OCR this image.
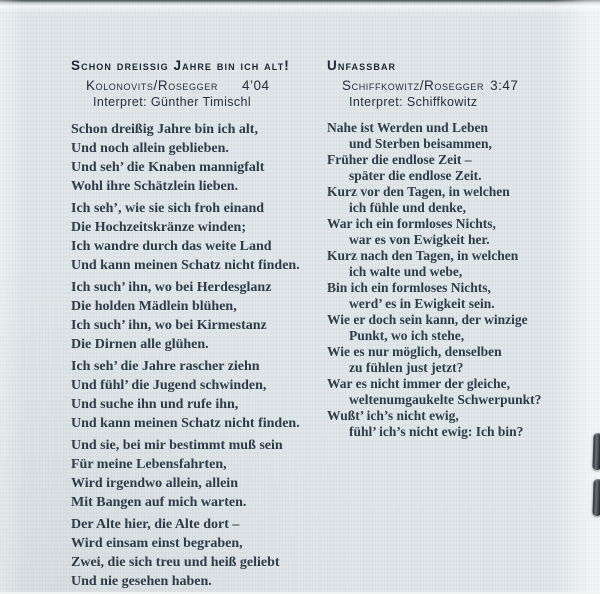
Schon dreissig Jahre bin ich alt!
Kolonovits/Rosegger 4’04
Interpret: Günther Timischl
Schon dreißig Jahre bin ich alt,
Und noch allein geblieben.
Und seh’ die Knaben mannigfalt
Wohl ihre Schätzlein lieben.
Ich seh’, wie sie sich froh einand
Die Hochzeitskränze winden;
Ich wandre durch das weite Land
Und kann meinen Schatz nicht finden.
Ich such’ ihn, wo bei Herdesglanz
Die holden Mädlein blühen,
Ich such’ ihn, wo bei Kirmestanz
Die Dirnen alle glühen.
Ich seh’ die Jahre rascher ziehn
Und fühl’ die Jugend schwinden,
Und suche ihn und rufe ihn,
Und kann meinen Schatz nicht finden.
Und sie, bei mir bestimmt muß sein
Für meine Lebensfahrten,
Wird irgendwo allein, allein
Mit Bangen auf mich warten.
Der Alte hier, die Alte dort –
Wird einsam einst begraben,
Zwei, die sich treu und heiß geliebt
Und nie gesehen haben.
Unfassbar
Schiffkowitz/Rosegger 3:47
Interpret: Schiffkowitz
Nahe ist Werden und Leben
und Sterben beisammen,
Früher die endlose Zeit –
später die endlose Zeit.
Kurz vor den Tagen, in welchen
ich fühle und denke,
War ich ein formloses Nichts,
war es von Ewigkeit her.
Kurz nach den Tagen, in welchen
ich walte und webe,
Bin ich ein formloses Nichts,
werd’ es in Ewigkeit sein.
Wie er doch sein kann, der winzige
Punkt, wo ich stehe,
Wie es nur möglich, denselben
zu fühlen just jetzt?
War es nicht immer der gleiche,
weltenumgaukelte Schwerpunkt?
Wußt’ ich’s nicht ewig,
fühl’ ich’s nicht ewig: Ich bin?
